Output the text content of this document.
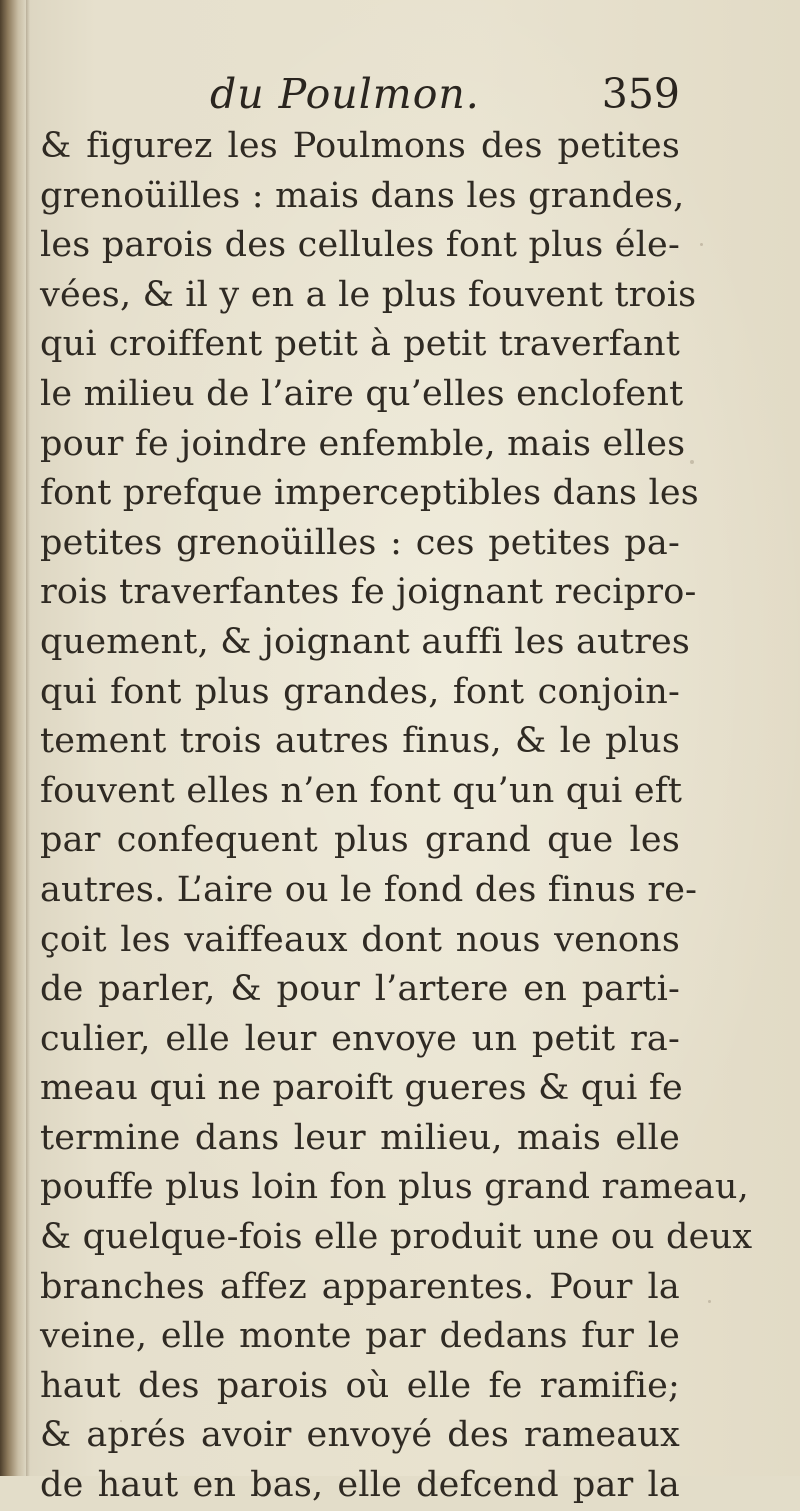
du Poulmon.	359
& figurez les Poulmons des petites
grenoüilles : mais dans les grandes,
les parois des cellules font plus éle-
vées, & il y en a le plus fouvent trois
qui croiffent petit à petit traverfant
le milieu de l’aire qu’elles enclofent
pour fe joindre enfemble, mais elles
font prefque imperceptibles dans les
petites grenoüilles : ces petites pa-
rois traverfantes fe joignant recipro-
quement, & joignant auffi les autres
qui font plus grandes, font conjoin-
tement trois autres finus, & le plus
fouvent elles n’en font qu’un qui eft
par confequent plus grand que les
autres. L’aire ou le fond des finus re-
çoit les vaiffeaux dont nous venons
de parler, & pour l’artere en parti-
culier, elle leur envoye un petit ra-
meau qui ne paroift gueres & qui fe
termine dans leur milieu, mais elle
pouffe plus loin fon plus grand rameau,
& quelque-fois elle produit une ou deux
branches affez apparentes. Pour la
veine, elle monte par dedans fur le
haut des parois où elle fe ramifie;
& aprés avoir envoyé des rameaux
de haut en bas, elle defcend par la
